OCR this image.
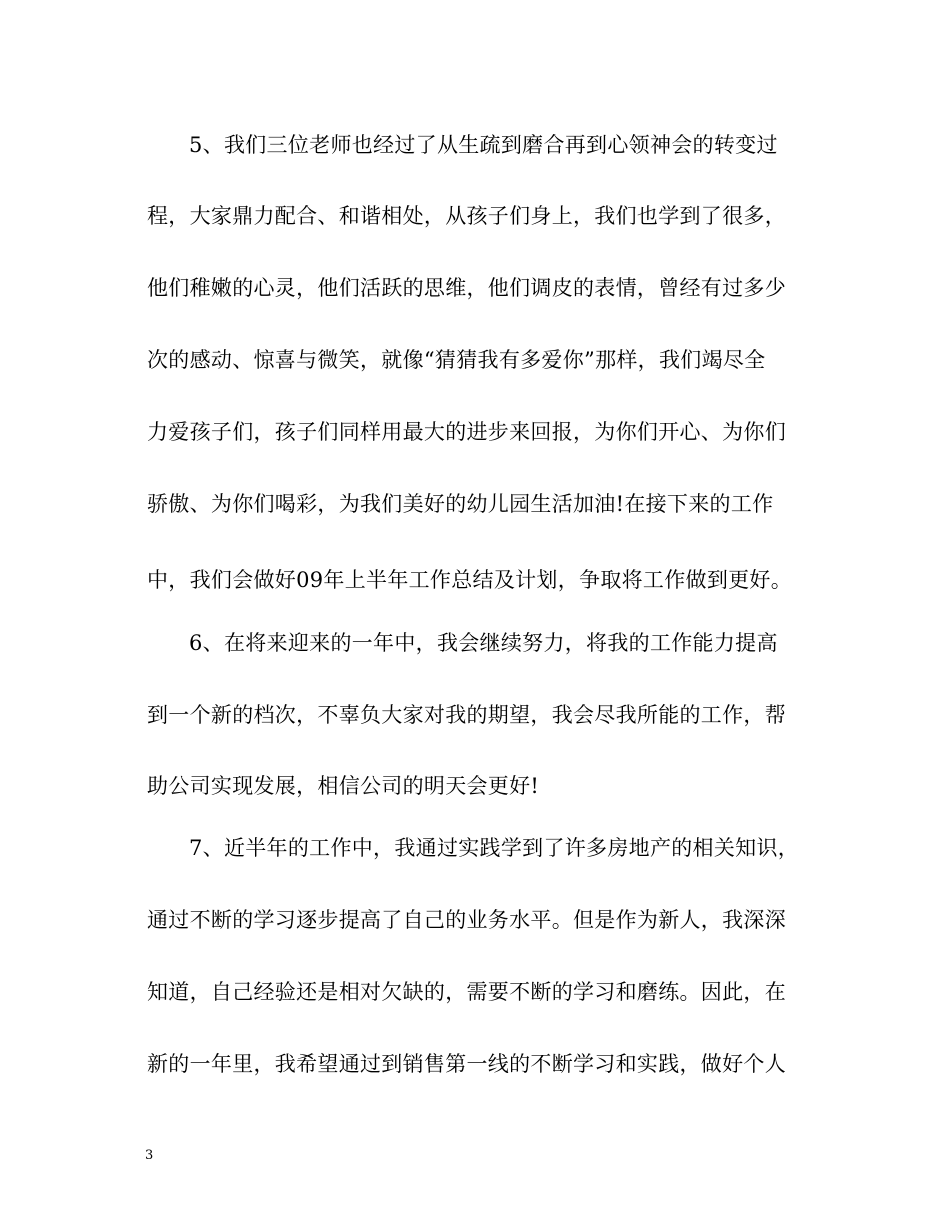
5、我们三位老师也经过了从生疏到磨合再到心领神会的转变过
程，大家鼎力配合、和谐相处，从孩子们身上，我们也学到了很多，
他们稚嫩的心灵，他们活跃的思维，他们调皮的表情，曾经有过多少
次的感动、惊喜与微笑，就像“猜猜我有多爱你”那样，我们竭尽全
力爱孩子们，孩子们同样用最大的进步来回报，为你们开心、为你们
骄傲、为你们喝彩，为我们美好的幼儿园生活加油!在接下来的工作
中，我们会做好09年上半年工作总结及计划，争取将工作做到更好。
6、在将来迎来的一年中，我会继续努力，将我的工作能力提高
到一个新的档次，不辜负大家对我的期望，我会尽我所能的工作，帮
助公司实现发展，相信公司的明天会更好!
7、近半年的工作中，我通过实践学到了许多房地产的相关知识，
通过不断的学习逐步提高了自己的业务水平。但是作为新人，我深深
知道，自己经验还是相对欠缺的，需要不断的学习和磨练。因此，在
新的一年里，我希望通过到销售第一线的不断学习和实践，做好个人
3
